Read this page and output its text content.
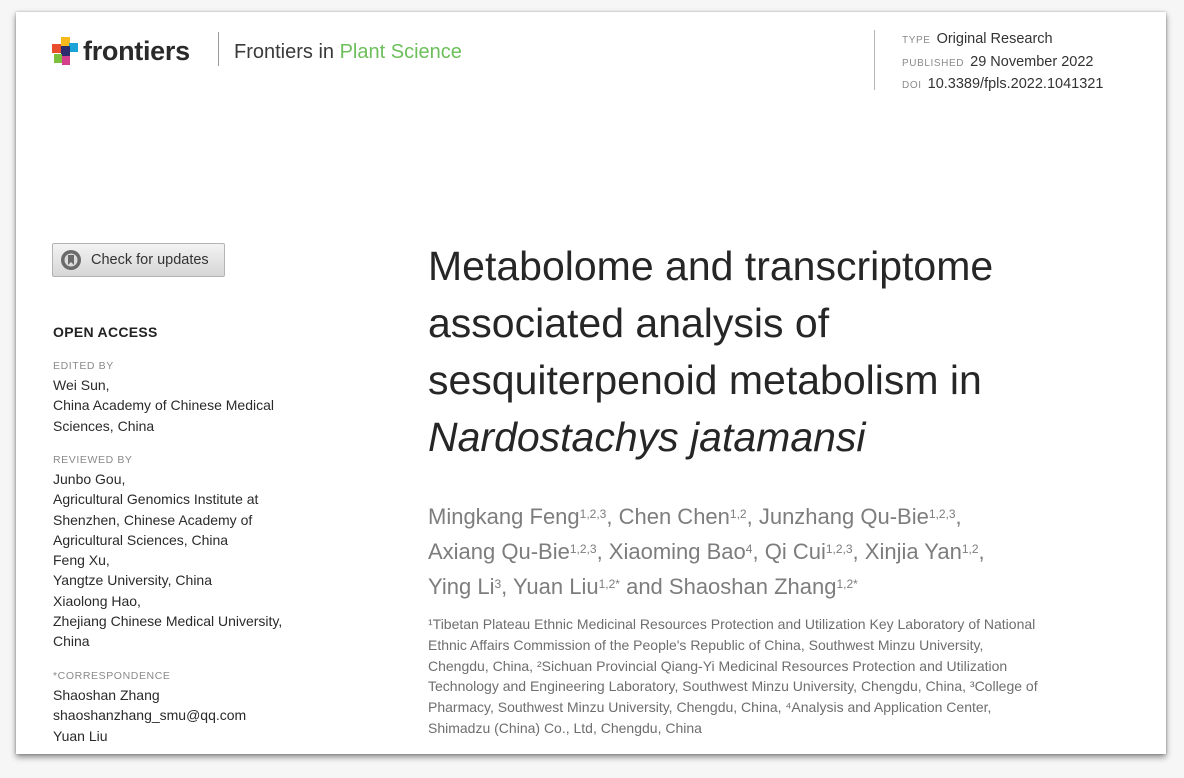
frontiers Frontiers in Plant Science
TYPE Original Research
PUBLISHED 29 November 2022
DOI 10.3389/fpls.2022.1041321
Check for updates
OPEN ACCESS
EDITED BY
Wei Sun,
China Academy of Chinese Medical
Sciences, China
REVIEWED BY
Junbo Gou,
Agricultural Genomics Institute at
Shenzhen, Chinese Academy of
Agricultural Sciences, China
Feng Xu,
Yangtze University, China
Xiaolong Hao,
Zhejiang Chinese Medical University,
China
*CORRESPONDENCE
Shaoshan Zhang
shaoshanzhang_smu@qq.com
Yuan Liu
Metabolome and transcriptome
associated analysis of
sesquiterpenoid metabolism in
Nardostachys jatamansi
Mingkang Feng$^{1,2,3}$, Chen Chen$^{1,2}$, Junzhang Qu-Bie$^{1,2,3}$,
Axiang Qu-Bie$^{1,2,3}$, Xiaoming Bao$^4$, Qi Cui$^{1,2,3}$, Xinjia Yan$^{1,2}$,
Ying Li$^3$, Yuan Liu$^{1,2*}$ and Shaoshan Zhang$^{1,2*}$
¹Tibetan Plateau Ethnic Medicinal Resources Protection and Utilization Key Laboratory of National
Ethnic Affairs Commission of the People's Republic of China, Southwest Minzu University,
Chengdu, China, ²Sichuan Provincial Qiang-Yi Medicinal Resources Protection and Utilization
Technology and Engineering Laboratory, Southwest Minzu University, Chengdu, China, ³College of
Pharmacy, Southwest Minzu University, Chengdu, China, ⁴Analysis and Application Center,
Shimadzu (China) Co., Ltd, Chengdu, China
